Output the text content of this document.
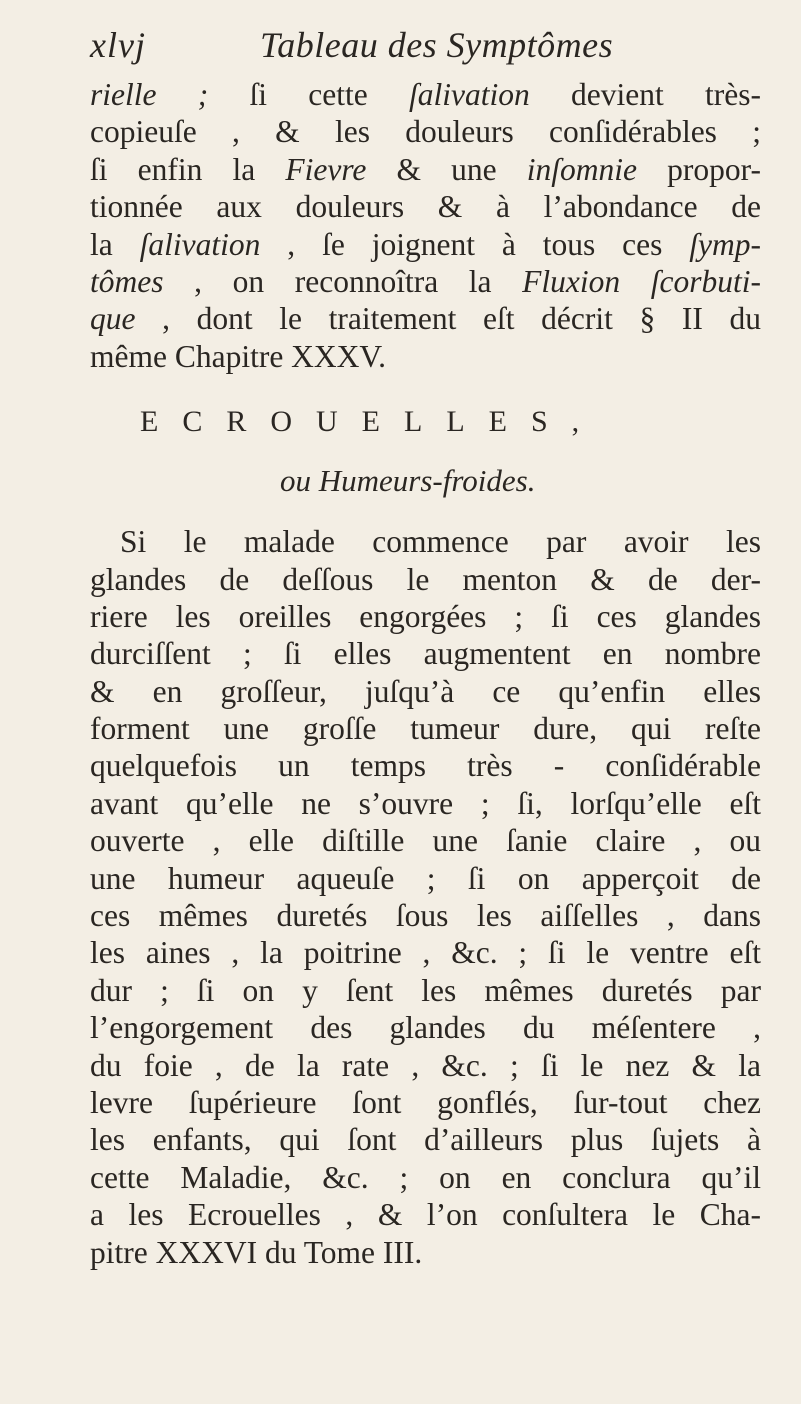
xlvj	Tableau des Symptômes
rielle ; ſi cette ſalivation devient très-
copieuſe , & les douleurs conſidérables ;
ſi enfin la Fievre & une inſomnie propor-
tionnée aux douleurs & à l’abondance de
la ſalivation , ſe joignent à tous ces ſymp-
tômes , on reconnoîtra la Fluxion ſcorbuti-
que , dont le traitement eſt décrit § II du
même Chapitre XXXV.
ECROUELLES,
ou Humeurs-froides.
Si le malade commence par avoir les
glandes de deſſous le menton & de der-
riere les oreilles engorgées ; ſi ces glandes
durciſſent ; ſi elles augmentent en nombre
& en groſſeur, juſqu’à ce qu’enfin elles
forment une groſſe tumeur dure, qui reſte
quelquefois un temps très - conſidérable
avant qu’elle ne s’ouvre ; ſi, lorſqu’elle eſt
ouverte , elle diſtille une ſanie claire , ou
une humeur aqueuſe ; ſi on apperçoit de
ces mêmes duretés ſous les aiſſelles , dans
les aines , la poitrine , &c. ; ſi le ventre eſt
dur ; ſi on y ſent les mêmes duretés par
l’engorgement des glandes du méſentere ,
du foie , de la rate , &c. ; ſi le nez & la
levre ſupérieure ſont gonflés, ſur-tout chez
les enfants, qui ſont d’ailleurs plus ſujets à
cette Maladie, &c. ; on en conclura qu’il
a les Ecrouelles , & l’on conſultera le Cha-
pitre XXXVI du Tome III.
